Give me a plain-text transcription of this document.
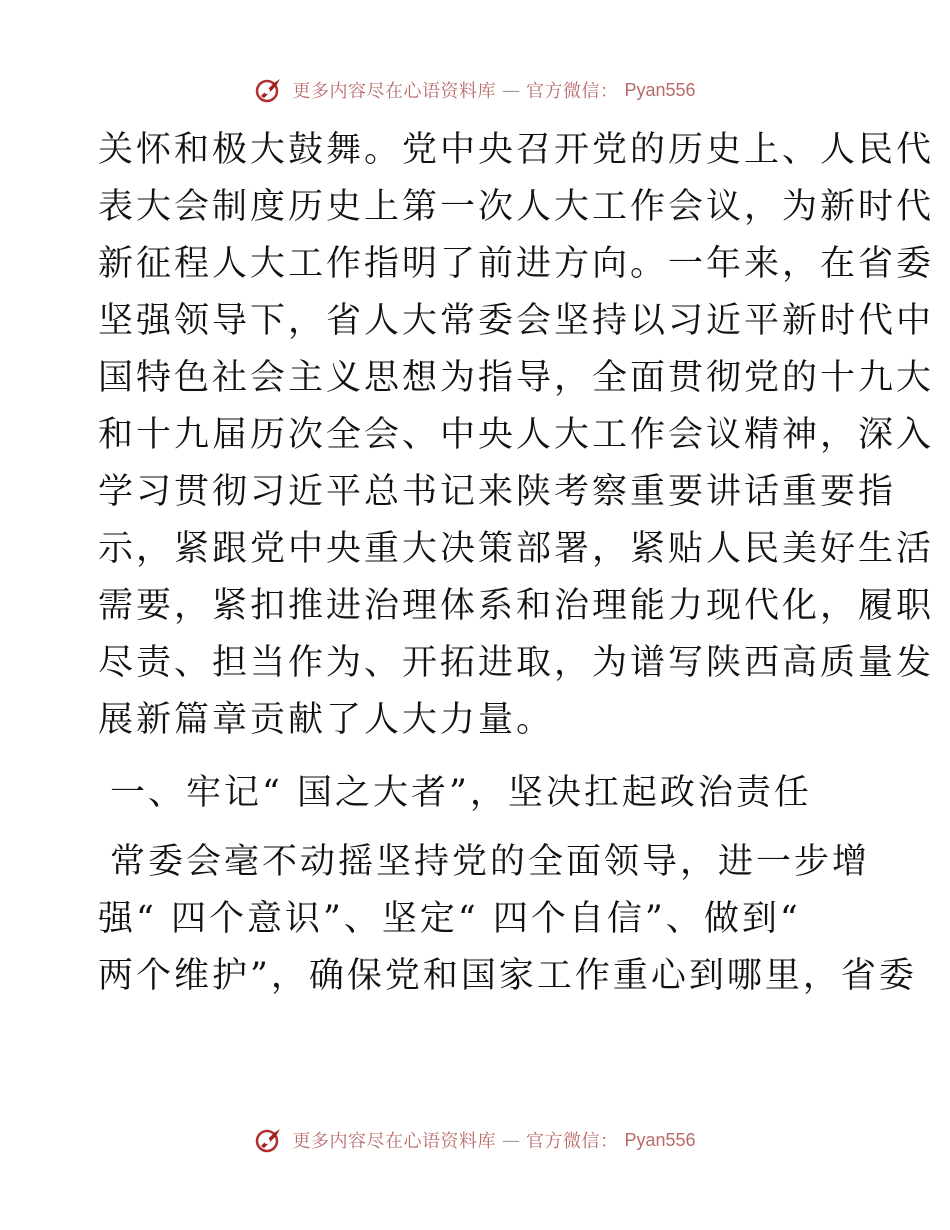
更多内容尽在心语资料库 — 官方微信： Pyan556
关怀和极大鼓舞。党中央召开党的历史上、人民代
表大会制度历史上第一次人大工作会议，为新时代
新征程人大工作指明了前进方向。一年来，在省委
坚强领导下，省人大常委会坚持以习近平新时代中
国特色社会主义思想为指导，全面贯彻党的十九大
和十九届历次全会、中央人大工作会议精神，深入
学习贯彻习近平总书记来陕考察重要讲话重要指
示，紧跟党中央重大决策部署，紧贴人民美好生活
需要，紧扣推进治理体系和治理能力现代化，履职
尽责、担当作为、开拓进取，为谱写陕西高质量发
展新篇章贡献了人大力量。
一、牢记“ 国之大者”，坚决扛起政治责任
常委会毫不动摇坚持党的全面领导，进一步增
强“ 四个意识”、坚定“ 四个自信”、做到“
两个维护”，确保党和国家工作重心到哪里，省委
更多内容尽在心语资料库 — 官方微信： Pyan556
